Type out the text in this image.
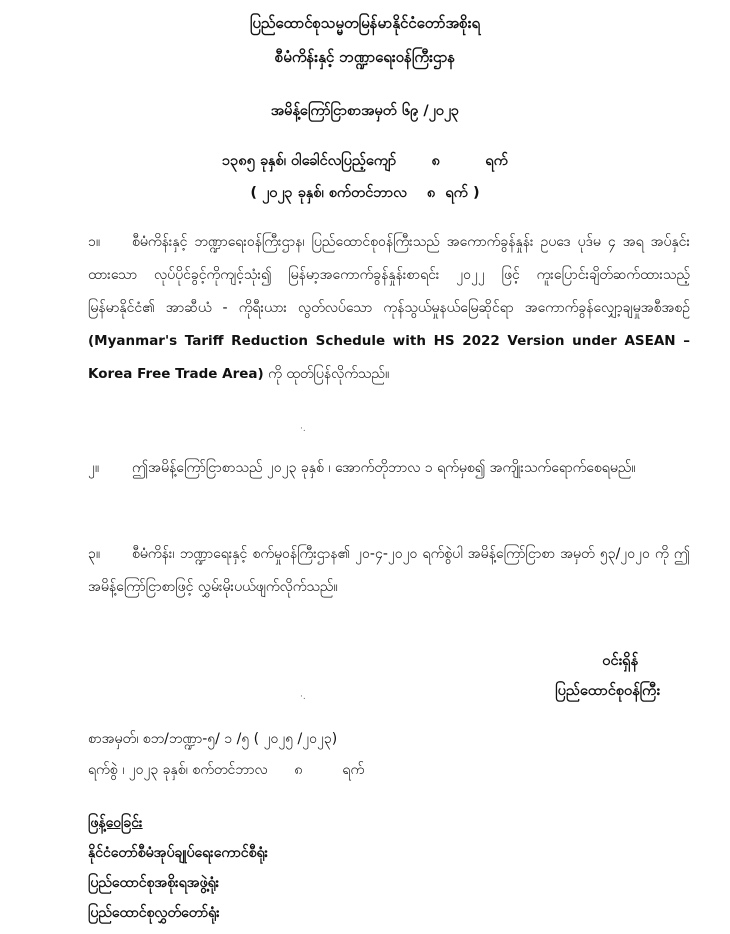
ပြည်ထောင်စုသမ္မတမြန်မာနိုင်ငံတော်အစိုးရ
စီမံကိန်းနှင့် ဘဏ္ဍာရေးဝန်ကြီးဌာန
အမိန့်ကြော်ငြာစာအမှတ် ၆၉ /၂၀၂၃
၁၃၈၅ ခုနှစ်၊ ဝါခေါင်လပြည့်ကျော်       ၈         ရက်
( ၂၀၂၃ ခုနှစ်၊ စက်တင်ဘာလ    ၈  ရက် )
၁။ စီမံကိန်းနှင့် ဘဏ္ဍာရေးဝန်ကြီးဌာန၊ ပြည်ထောင်စုဝန်ကြီးသည် အကောက်ခွန်နှုန်း ဥပဒေ ပုဒ်မ ၄ အရ အပ်နှင်းထားသော လုပ်ပိုင်ခွင့်ကိုကျင့်သုံး၍ မြန်မာ့အကောက်ခွန်နှုန်းစာရင်း ၂၀၂၂ ဖြင့် ကူးပြောင်းချိတ်ဆက်ထားသည့် မြန်မာနိုင်ငံ၏ အာဆီယံ - ကိုရီးယား လွတ်လပ်သော ကုန်သွယ်မှုနယ်မြေဆိုင်ရာ အကောက်ခွန်လျှော့ချမှုအစီအစဉ် (Myanmar's Tariff Reduction Schedule with HS 2022 Version under ASEAN – Korea Free Trade Area) ကို ထုတ်ပြန်လိုက်သည်။
·.
၂။ ဤအမိန့်ကြော်ငြာစာသည် ၂၀၂၃ ခုနှစ် ၊ အောက်တိုဘာလ ၁ ရက်မှစ၍ အကျိုးသက်ရောက်စေရမည်။
၃။ စီမံကိန်း၊ ဘဏ္ဍာရေးနှင့် စက်မှုဝန်ကြီးဌာန၏ ၂၀-၄-၂၀၂၀ ရက်စွဲပါ အမိန့်ကြော်ငြာစာ အမှတ် ၅၃/၂၀၂၀ ကို ဤအမိန့်ကြော်ငြာစာဖြင့် လွှမ်းမိုးပယ်ဖျက်လိုက်သည်။
ဝင်းရှိန်
ပြည်ထောင်စုဝန်ကြီး
·.
စာအမှတ်၊ စဘ/ဘဏ္ဍာ-၅/ ၁ /၅ ( ၂၀၂၅ /၂၀၂၃)
ရက်စွဲ ၊ ၂၀၂၃ ခုနှစ်၊ စက်တင်ဘာလ      ၈         ရက်
ဖြန့်ဝေခြင်း
နိုင်ငံတော်စီမံအုပ်ချုပ်ရေးကောင်စီရုံး
ပြည်ထောင်စုအစိုးရအဖွဲ့ရုံး
ပြည်ထောင်စုလွှတ်တော်ရုံး
